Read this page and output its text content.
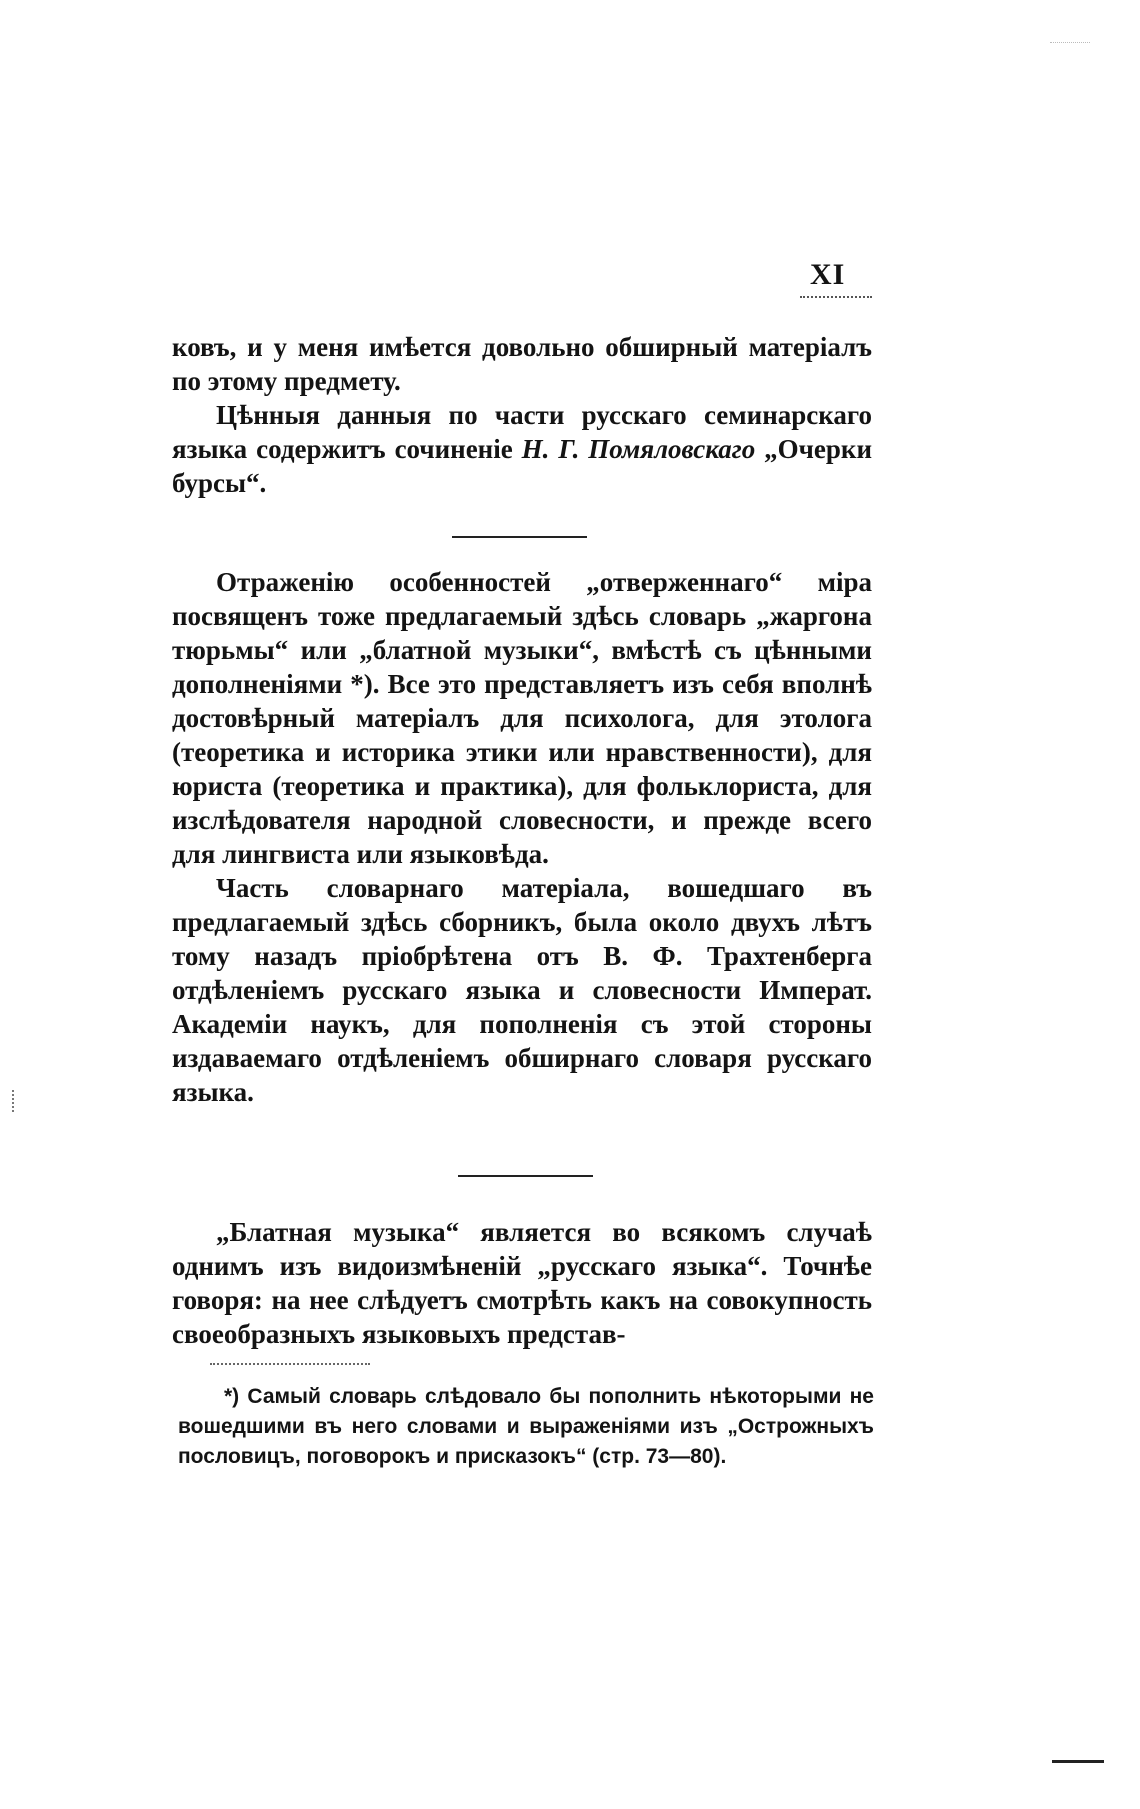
XI

ковъ, и у меня имѣется довольно обширный матеріалъ по этому предмету.

Цѣнныя данныя по части русскаго семинарскаго языка содержитъ сочиненіе Н. Г. Помяловскаго „Очерки бурсы“.

Отраженію особенностей „отверженнаго“ міра посвященъ тоже предлагаемый здѣсь словарь „жаргона тюрьмы“ или „блатной музыки“, вмѣстѣ съ цѣнными дополненіями *). Все это представляетъ изъ себя вполнѣ достовѣрный матеріалъ для психолога, для этолога (теоретика и историка этики или нравственности), для юриста (теоретика и практика), для фольклориста, для изслѣдователя народной словесности, и прежде всего для лингвиста или языковѣда.

Часть словарнаго матеріала, вошедшаго въ предлагаемый здѣсь сборникъ, была около двухъ лѣтъ тому назадъ пріобрѣтена отъ В. Ф. Трахтенберга отдѣленіемъ русскаго языка и словесности Императ. Академіи наукъ, для пополненія съ этой стороны издаваемаго отдѣленіемъ обширнаго словаря русскаго языка.

„Блатная музыка“ является во всякомъ случаѣ однимъ изъ видоизмѣненій „русскаго языка“. Точнѣе говоря: на нее слѣдуетъ смотрѣть какъ на совокупность своеобразныхъ языковыхъ представ-

*) Самый словарь слѣдовало бы пополнить нѣкоторыми не вошедшими въ него словами и выраженіями изъ „Острожныхъ пословицъ, поговорокъ и присказокъ“ (стр. 73—80).
